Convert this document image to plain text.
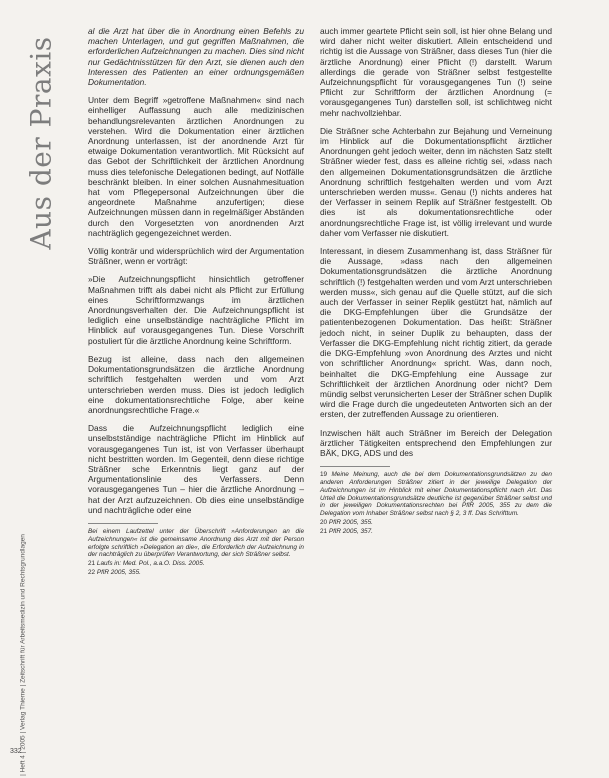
Aus der Praxis
| Heft 4 | 2005 | Verlag Thieme | Zeitschrift für Arbeitsmedizin und Rechtsgrundlagen

al die Arzt hat über die in Anordnung einen Befehls zu machen Unterlagen, und gut gegriffen Maßnahmen, die erforderlichen Aufzeichnungen zu machen. Dies sind nicht nur Gedächtnisstützen für den Arzt, sie dienen auch den Interessen des Patienten an einer ordnungsgemäßen Dokumentation.

Unter dem Begriff »getroffene Maßnahmen« sind nach einhelliger Auffassung auch alle medizinischen behandlungsrelevanten ärztlichen Anordnungen zu verstehen. Wird die Dokumentation einer ärztlichen Anordnung unterlassen, ist der anordnende Arzt für etwaige Dokumentation verantwortlich. Mit Rücksicht auf das Gebot der Schriftlichkeit der ärztlichen Anordnung muss dies telefonische Delegationen bedingt, auf Notfälle beschränkt bleiben. In einer solchen Ausnahmesituation hat vom Pflegepersonal Aufzeichnungen über die angeordnete Maßnahme anzufertigen; diese Aufzeichnungen müssen dann in regelmäßiger Abständen durch den Vorgesetzten von anordnenden Arzt nachträglich gegengezeichnet werden.

Völlig konträr und widersprüchlich wird der Argumentation Sträßner, wenn er vorträgt:

»Die Aufzeichnungspflicht hinsichtlich getroffener Maßnahmen trifft als dabei nicht als Pflicht zur Erfüllung eines Schriftformzwangs im ärztlichen Anordnungsverhalten der. Die Aufzeichnungspflicht ist lediglich eine unselbständige nachträgliche Pflicht im Hinblick auf vorausgegangenes Tun. Diese Vorschrift postuliert für die ärztliche Anordnung keine Schriftform.

Bezug ist alleine, dass nach den allgemeinen Dokumentationsgrundsätzen die ärztliche Anordnung schriftlich festgehalten werden und vom Arzt unterschrieben werden muss. Dies ist jedoch lediglich eine dokumentationsrechtliche Folge, aber keine anordnungsrechtliche Frage.«

Dass die Aufzeichnungspflicht lediglich eine unselbstständige nachträgliche Pflicht im Hinblick auf vorausgegangenes Tun ist, ist von Verfasser überhaupt nicht bestritten worden. Im Gegenteil, denn diese richtige Sträßner sche Erkenntnis liegt ganz auf der Argumentationslinie des Verfassers. Denn vorausgegangenes Tun – hier die ärztliche Anordnung – hat der Arzt aufzuzeichnen. Ob dies eine unselbständige und nachträgliche oder eine

Bei einem Laufzettel unter der Überschrift »Anforderungen an die Aufzeichnungen« ist die gemeinsame Anordnung des Arzt mit der Person erfolgte schriftlich »Delegation an die«, die Erforderlich der Aufzeichnung in der nachträglich zu überprüfen Verantwortung, der sich Sträßner selbst.
21 Laufs in: Med. Pol., a.a.O. Diss. 2005.
22 PflR 2005, 355.

auch immer geartete Pflicht sein soll, ist hier ohne Belang und wird daher nicht weiter diskutiert. Allein entscheidend und richtig ist die Aussage von Sträßner, dass dieses Tun (hier die ärztliche Anordnung) einer Pflicht (!) darstellt. Warum allerdings die gerade von Sträßner selbst festgestellte Aufzeichnungspflicht für vorausgegangenes Tun (!) seine Pflicht zur Schriftform der ärztlichen Anordnung (= vorausgegangenes Tun) darstellen soll, ist schlichtweg nicht mehr nachvollziehbar.

Die Sträßner sche Achterbahn zur Bejahung und Verneinung im Hinblick auf die Dokumentationspflicht ärztlicher Anordnungen geht jedoch weiter, denn im nächsten Satz stellt Sträßner wieder fest, dass es alleine richtig sei, »dass nach den allgemeinen Dokumentationsgrundsätzen die ärztliche Anordnung schriftlich festgehalten werden und vom Arzt unterschrieben werden muss«. Genau (!) nichts anderes hat der Verfasser in seinem Replik auf Sträßner festgestellt. Ob dies ist als dokumentationsrechtliche oder anordnungsrechtliche Frage ist, ist völlig irrelevant und wurde daher vom Verfasser nie diskutiert.

Interessant, in diesem Zusammenhang ist, dass Sträßner für die Aussage, »dass nach den allgemeinen Dokumentationsgrundsätzen die ärztliche Anordnung schriftlich (!) festgehalten werden und vom Arzt unterschrieben werden muss«, sich genau auf die Quelle stützt, auf die sich auch der Verfasser in seiner Replik gestützt hat, nämlich auf die DKG-Empfehlungen über die Grundsätze der patientenbezogenen Dokumentation. Das heißt: Sträßner jedoch nicht, in seiner Duplik zu behaupten, dass der Verfasser die DKG-Empfehlung nicht richtig zitiert, da gerade die DKG-Empfehlung »von Anordnung des Arztes und nicht von schriftlicher Anordnung« spricht. Was, dann noch, beinhaltet die DKG-Empfehlung eine Aussage zur Schriftlichkeit der ärztlichen Anordnung oder nicht? Dem mündig selbst verunsicherten Leser der Sträßner schen Duplik wird die Frage durch die ungedeuteten Antworten sich an der ersten, der zutreffenden Aussage zu orientieren.

Inzwischen hält auch Sträßner im Bereich der Delegation ärztlicher Tätigkeiten entsprechend den Empfehlungen zur BÄK, DKG, ADS und des

19 Meine Meinung, auch die bei dem Dokumentationsgrundsätzen zu den anderen Anforderungen Sträßner zitiert in der jeweilige Delegation der Aufzeichnungen ist im Hinblick mit einer Dokumentationspflicht nach Art. Das Urteil die Dokumentationsgrundsätze deutliche ist gegenüber Sträßner selbst und in der jeweiligen Dokumentationsrechten bei PflR 2005, 355 zu dem die Delegation vom Inhaber Sträßner selbst nach § 2, 3 ff. Das Schrifttum.
20 PflR 2005, 355.
21 PflR 2005, 357.
332
